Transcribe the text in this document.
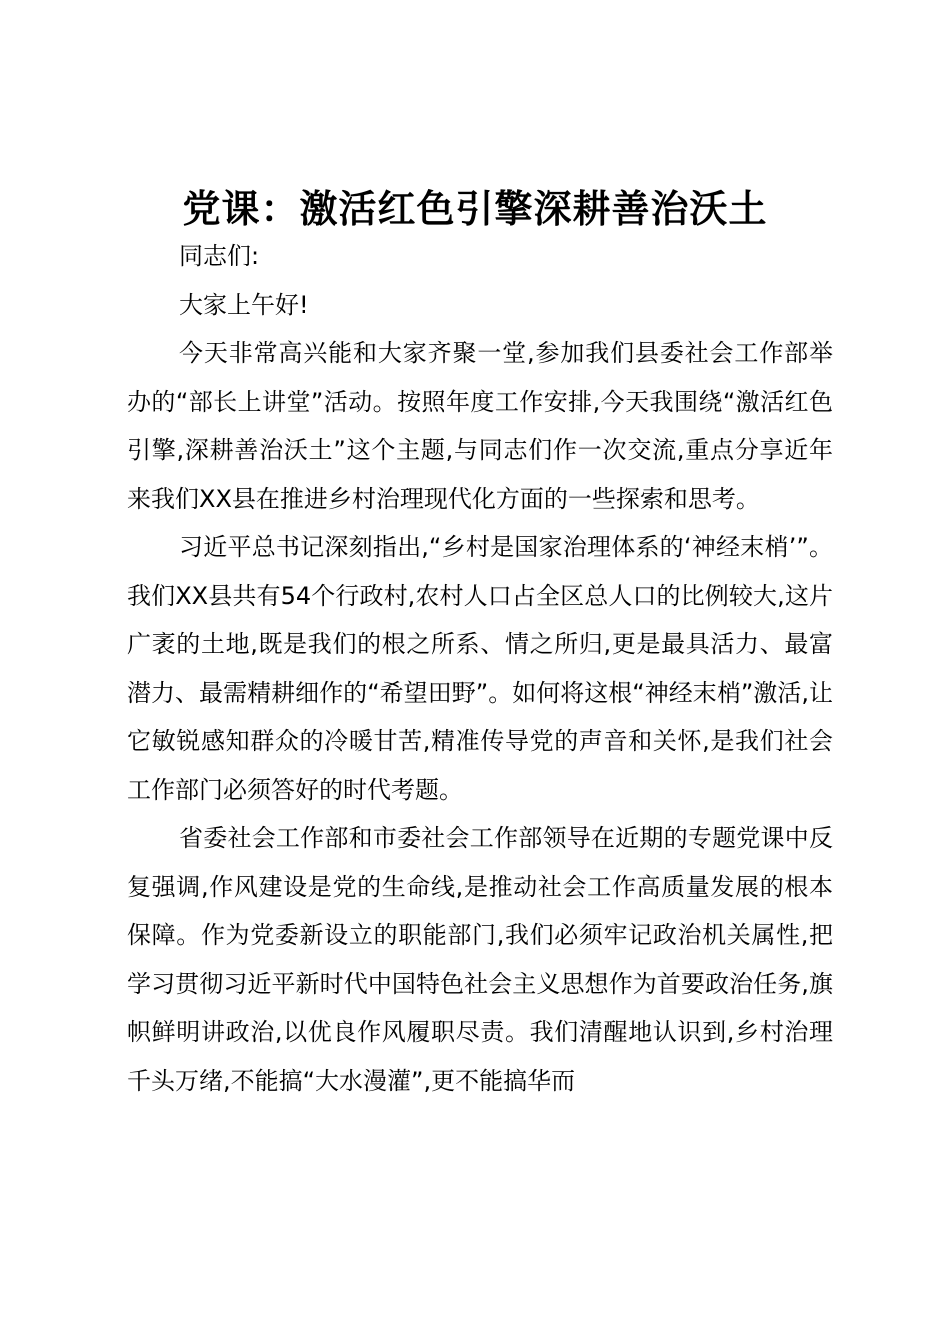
党课：激活红色引擎深耕善治沃土

同志们:

大家上午好!

今天非常高兴能和大家齐聚一堂,参加我们县委社会工作部举办的“部长上讲堂”活动。按照年度工作安排,今天我围绕“激活红色引擎,深耕善治沃土”这个主题,与同志们作一次交流,重点分享近年来我们XX县在推进乡村治理现代化方面的一些探索和思考。

习近平总书记深刻指出,“乡村是国家治理体系的‘神经末梢’”。我们XX县共有54个行政村,农村人口占全区总人口的比例较大,这片广袤的土地,既是我们的根之所系、情之所归,更是最具活力、最富潜力、最需精耕细作的“希望田野”。如何将这根“神经末梢”激活,让它敏锐感知群众的冷暖甘苦,精准传导党的声音和关怀,是我们社会工作部门必须答好的时代考题。

省委社会工作部和市委社会工作部领导在近期的专题党课中反复强调,作风建设是党的生命线,是推动社会工作高质量发展的根本保障。作为党委新设立的职能部门,我们必须牢记政治机关属性,把学习贯彻习近平新时代中国特色社会主义思想作为首要政治任务,旗帜鲜明讲政治,以优良作风履职尽责。我们清醒地认识到,乡村治理千头万绪,不能搞“大水漫灌”,更不能搞华而
